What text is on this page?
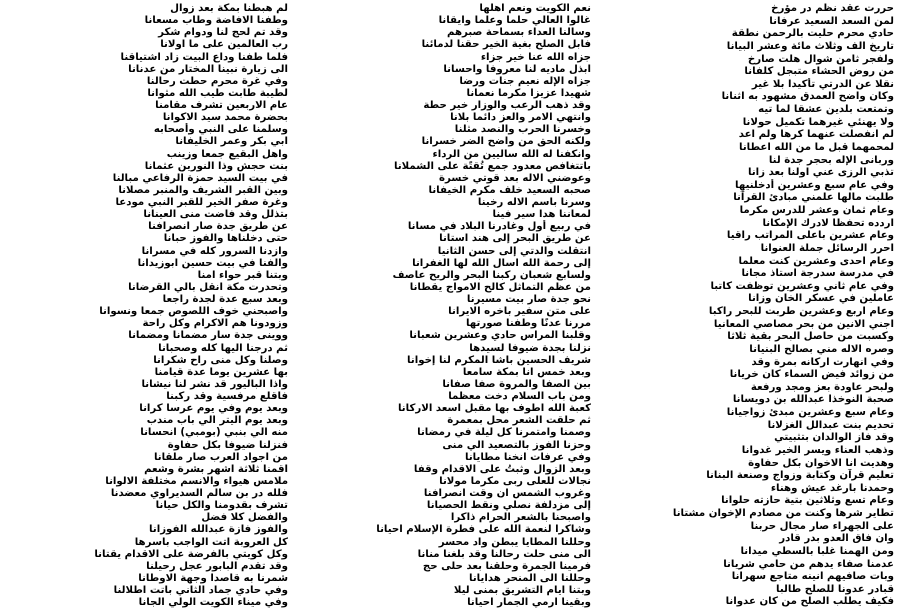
حررت عقد نظم در مؤرخ
لمن السعد السعيد عرفانا
حادي محرم حليت بالرحمن نطقة
تاريخ الف وثلاث مائة وعشر البيانا
ولفجر ثامن شوال هلت صارخ
من روض الحشاء متبجل كلفانا
نقلا عن الدرتي تأكيدا بلا غير
وكان واضح العمدق مشهود به اثنانا
وتمتعت بلدين عشقا لما تيه
ولا يهنئي غيرهما تكميل حولانا
لم انفصلت عنهما كرها ولم اعد
لمحمهما قبل ما من الله اعطانا
وربانى الإله بحجر جدة لنا
تذبي الرزى عني اولنا بعد زانا
وفي عام سبع وعشرين أدخلنيها
طلبت مالها علمني مبادئ القرآنا
وعام ثمان وعشر للدرس مكرما
اردده تحفظا لادرك الإمكانا
وعام عشرين باعلى المراتب راقيا
احرر الرسائل جملة العنوانا
وعام احدى وعشرين كنت معلما
في مدرسة سدرجة استاذ مجانا
وفي عام ثاني وعشرين توظفت كاتبا
عاملين في عسكر الخان وزانا
وعام اربع وعشرين طربت للبحر راكبا
اجني الانين من بحر مصاصي المعانيا
وكسبت من حاصل البحر بقية ثلاثا
وصره الاله مني بصالح البنيانا
وفي انهارت اركانه بمرة وقد
من زوائد فيض السماء كان خريانا
ولبحر عاودة بعز ومجد ورفعة
صحبة النوخذا عبدالله بن دويسانا
وعام سبع وعشرين مبدئ زواجيانا
تحديم بنت عبدالل الغزلانا
وقد فاز الوالدان بتثبيتي
وذهب العناء ويسر الخير غدوانا
وهديت انا الاخوان بكل حفاوة
تعليم قرآن وكتابة وزواج وصنعة البنانا
وحمدنا بارغد عيش وهناء
وعام تسع وثلاثين بتية حازته حلوانا
تطاير شرها وكنت من مصادم الإخوان مشتانا
على الجهراء صار مجال حربنا
وان فاق العدو بدر قادر
ومن الهمنا غلبا بالسطي ميدانا
عدمنا صفاء يدهم من حامي شريانا
وبات صافيهم انينه متاجع سهرانا
قبادر عدونا للصلح طالبا
فكيف يطلب الصلح من كان عدوانا
نعم الكويت ونعم اهلها
غالوا العالي حلما وعلما وايقانا
وسالنا العداء بسماحة صبرهم
فابل الصلح بغية الخير حقنا لدمائنا
جزاه الله عنا خير جزاء
ابذل ماديه لنا معروفا واحسانا
جزاه الإله نعيم جنات ورضا
شهيدا عزيزا مكرما نعمانا
وقد ذهب الرعب والوزار خير حطة
وانتهي الامر والعز دائما بلانا
وخسرنا الحرب والنصد مثلنا
ولكنه الحق من واضح الضر خسرانا
وانكفنا له الله ساليين من الرداء
باتتغافص معدود جمع تُقتًة على الشملانا
وعوضني الاله بعد قوتي خسرة
صحبه السعيد خلف مكرم الخيفانا
وسرنا باسم الاله رخينا
لمعاننا هدا سير فينا
في ربيع أول وغادرنا البلاد في مسانا
عن طريق البحر إلى هند استانا
انتقلت والدتي إلى حسن الثانيا
إلى رحمة الله اسال الله لها الغفرانا
ولسابع شعبان ركبنا البحر والريح عاصف
من عظم التماثل كالح الامواج يقطانا
نحو جدة صار بيت مسيرنا
على متن سفير باخره الايرانا
مررنا عدنًا وطفنا صورتها
وقلبنا المراس حادي وعشرين شعبانا
نزلنا بجدة ضيوفا لسيدها
شريف الحسين باشا المكرم لنا إخوانا
وبعد خمس انا بمكة سامعا
بين الصفا والمروة صفا صفانا
ومن باب السلام دخت معظما
كعبة الله اطوف بها مقبل اسعد الاركانا
ثم حلقت الشعر محل بمعمرة
وصمنا وامتمرنا كل ليلة في رمضانا
وحزنا الفوز بالتصعيد الي منى
وفي عرفات انخنا مطايانا
وبعد الزوال وثبتُ على الاقدام وقفا
نجالات للعلى ربى مكرما مولانا
وغروب الشمس ان وقت انصرافنا
إلى مزدلفة نصلي ونقط الحصيانا
واصبحنا بالشعر الحرام ذاكرا
وشاكرا لنعمة الله على فطرة الإسلام احيانا
وحللنا المطايا يبطن واد محسر
الى منى حلت رحالنا وقد بلغنا منانا
فرمينا الجمرة وحلقنا بعد حلى حج
وحللنا الى المنحر هدايانا
وبتنا ايام التشريق بمنى ليلا
وبقينا ارمي الجمار احيانا
لم هبطنا بمكة بعد زوال
وطفنا الافاضة وطاب مسعانا
وقد تم لحج لنا ودوام شكر
رب العالمين على ما اولانا
فلما طفنا وداع البيت زاد اشتياقنا
الى زيارة نبينا المختار من عدنانا
وفي غرة محرم حطت رحالنا
لطيبة طابت طيب الله مثوانا
عام الاربعين تشرف مقامنا
بحضرة محمد سيد الاكوانا
وسلمنا على النبي وأصحابه
ابي بكر وعمر الخليفانا
واهل البقيع جمعا وزينب
بنت حجش وذا النورين عثمانا
في بيت السيد حمزة الرفاعي مبالنا
وبين القبر الشريف والمنبر مصلانا
وغرة صفر الخير للقبر النبي مودعا
بتذلل وقد فاضت منى العينانا
عن طريق جدة صار انصرافنا
حتى دخلناها والفوز حبانا
وازدنا السرور كله في مسرانا
والفنا في بيت حسين ابوزيدانا
وبتنا قبر حواء امنا
وتحدرت مكة انقل بالي القرضانا
وبعد سبع عدة لجدة راجعا
واصبحني خوف اللصوص جمعا ونسوانا
وزودونا هم الاكرام وكل راحة
ووينى جدة سار مضمانا ومضمانا
ثم درجنا اليها كله وصحبانا
وصلنا وكل منى راح شكرانا
بها عشرين يوما عدة قيامنا
واذا الباليور قد نشر لنا نيشانا
فاقلع مرفسية وقد ركبنا
وبعد يوم وفي يوم عرسا كرانا
وبعد يوم اليتر الي باب مندب
منه الي بنبي (بومبي) انحسانا
فنزلنا ضيوفا بكل حفاوة
من اجواد العرب صار ملقانا
اقمنا ثلاثة اشهر بشرة وشعم
ملامس هيواء والانسم مختلفة الالوانا
فلله در بن سالم السديراوي معضدنا
تشرف بقدومنا والكل حيانا
والفضل كلا فضل
والفوز فازة عبدالله الفوزانا
كل العروبة اتت الواجب باسرها
وكل كويتي بالفرضة على الاقدام يقتانا
وقد تقدم البابور عجل رحيلنا
شمرنا به قاصدا وجهة الاوطانا
وفي حادي جماد الثاني باتت اطلالنا
وفي ميناء الكويت الولي الجانا
